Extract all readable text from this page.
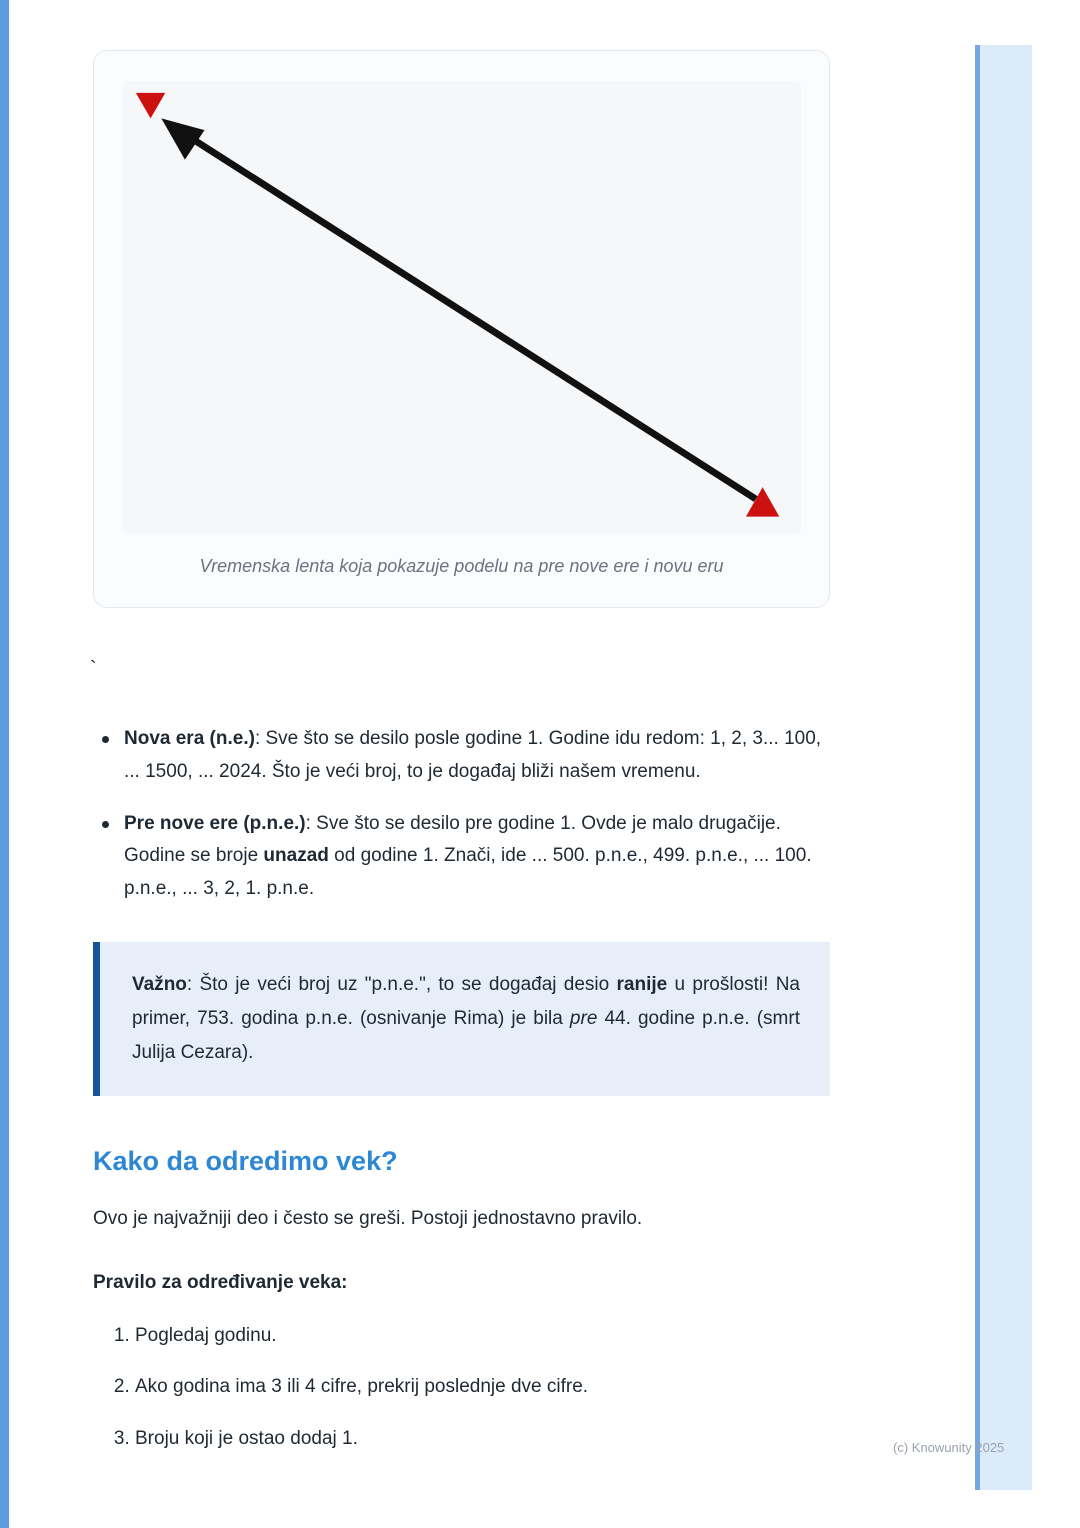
Vremenska lenta koja pokazuje podelu na pre nove ere i novu eru
`
Nova era (n.e.): Sve što se desilo posle godine 1. Godine idu redom: 1, 2, 3... 100, ... 1500, ... 2024. Što je veći broj, to je događaj bliži našem vremenu.
Pre nove ere (p.n.e.): Sve što se desilo pre godine 1. Ovde je malo drugačije. Godine se broje unazad od godine 1. Znači, ide ... 500. p.n.e., 499. p.n.e., ... 100. p.n.e., ... 3, 2, 1. p.n.e.
Važno: Što je veći broj uz "p.n.e.", to se događaj desio ranije u prošlosti! Na primer, 753. godina p.n.e. (osnivanje Rima) je bila pre 44. godine p.n.e. (smrt Julija Cezara).
Kako da odredimo vek?

Ovo je najvažniji deo i često se greši. Postoji jednostavno pravilo.

Pravilo za određivanje veka:

1. Pogledaj godinu.
2. Ako godina ima 3 ili 4 cifre, prekrij poslednje dve cifre.
3. Broju koji je ostao dodaj 1.	(c) Knowunity 2025
